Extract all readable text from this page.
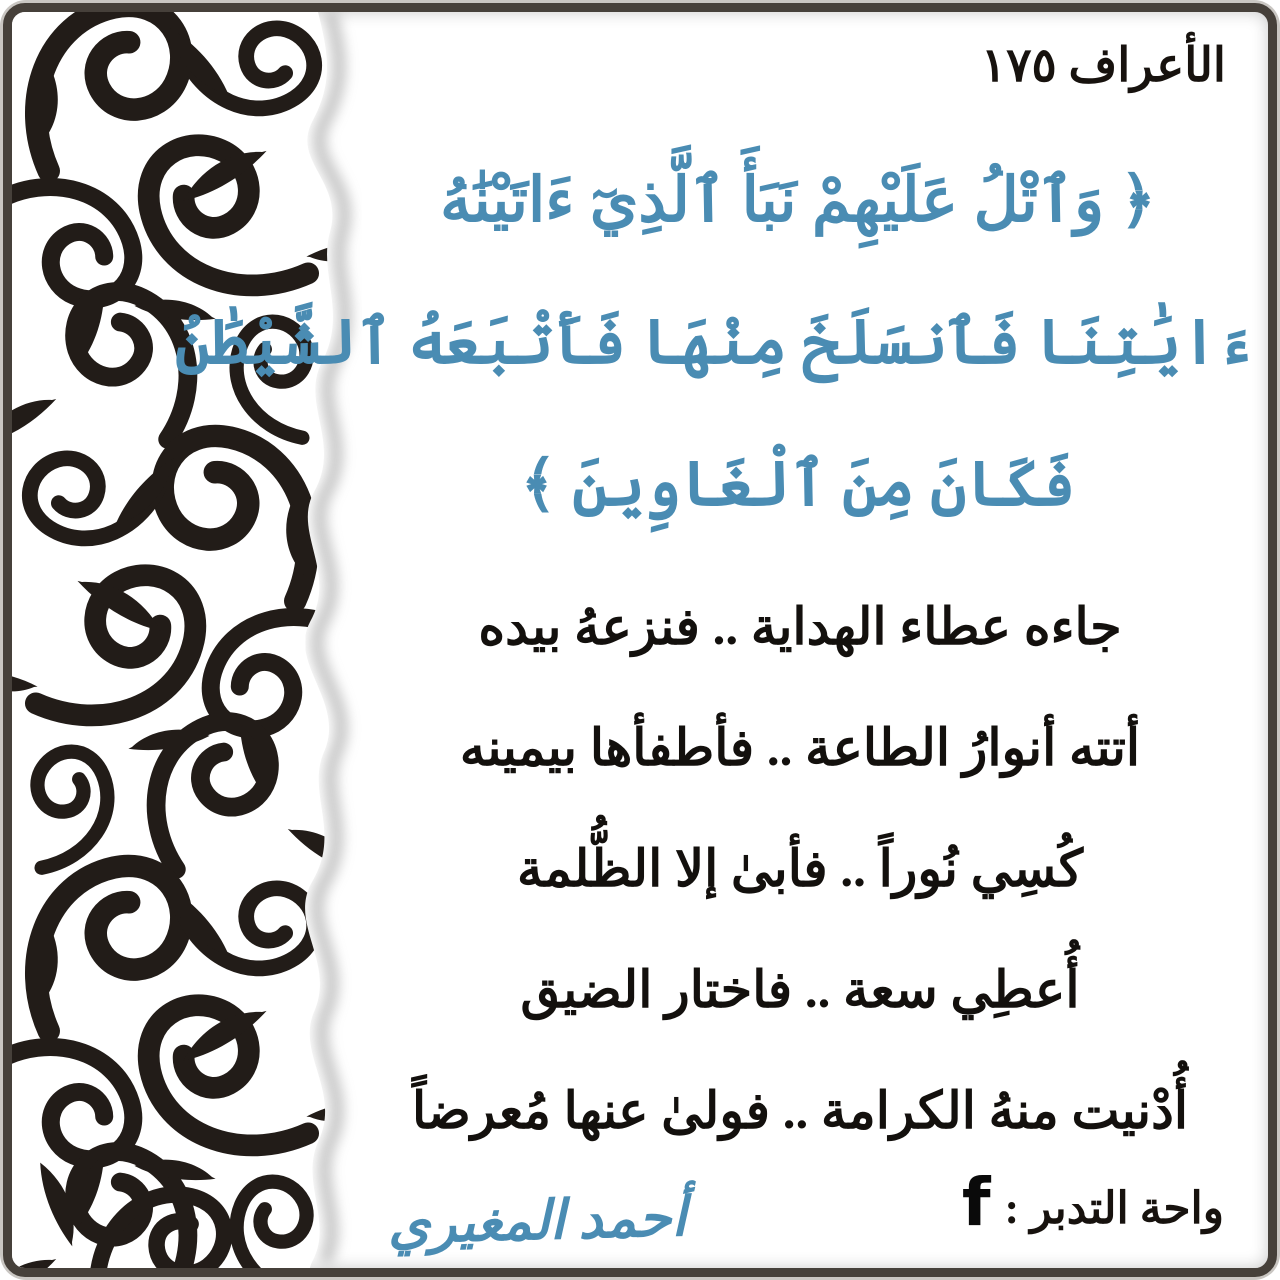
الأعراف ١٧٥
﴿ وَٱتْلُ عَلَيْهِمْ نَبَأَ ٱلَّذِيٓ ءَاتَيْنَٰهُ
ءَايَٰتِنَا فَٱنسَلَخَ مِنْهَا فَأَتْبَعَهُ ٱلشَّيْطَٰنُ
فَكَانَ مِنَ ٱلْغَاوِينَ ﴾
جاءه عطاء الهداية .. فنزعهُ بيده
أتته أنوارُ الطاعة .. فأطفأها بيمينه
كُسِي نُوراً .. فأبىٰ إلا الظُّلمة
أُعطِي سعة .. فاختار الضيق
أُدْنيت منهُ الكرامة .. فولىٰ عنها مُعرضاً
واحة التدبر :
f
أحمد المغيري
